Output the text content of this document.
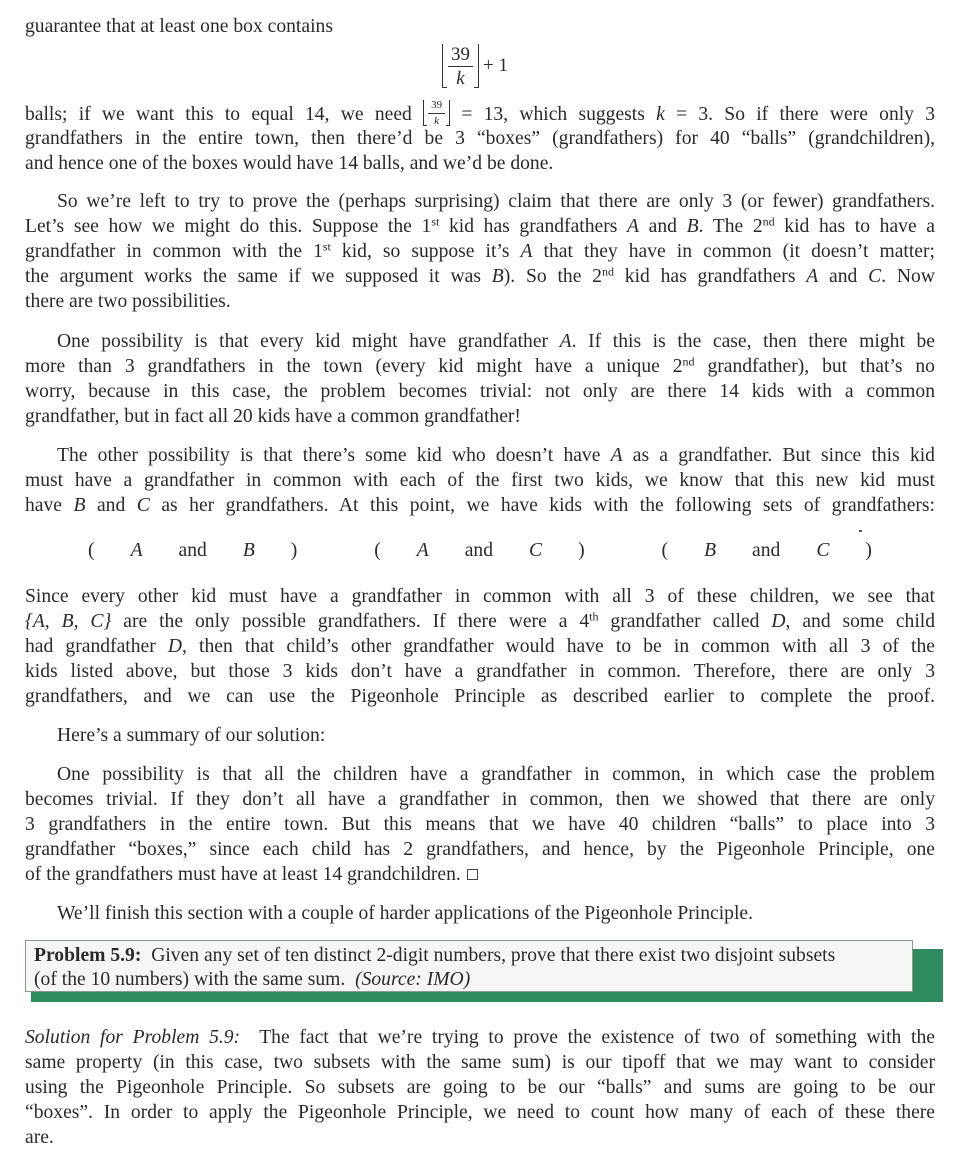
guarantee that at least one box contains
$\frac{39}{k} + 1$
balls; if we want this to equal 14, we need $\frac{39}{k} = 13$, which suggests k = 3. So if there were only 3
grandfathers in the entire town, then there’d be 3 “boxes” (grandfathers) for 40 “balls” (grandchildren),
and hence one of the boxes would have 14 balls, and we’d be done.
So we’re left to try to prove the (perhaps surprising) claim that there are only 3 (or fewer) grandfathers.
Let’s see how we might do this. Suppose the 1st kid has grandfathers A and B. The 2nd kid has to have a
grandfather in common with the 1st kid, so suppose it’s A that they have in common (it doesn’t matter;
the argument works the same if we supposed it was B). So the 2nd kid has grandfathers A and C. Now
there are two possibilities.
One possibility is that every kid might have grandfather A. If this is the case, then there might be
more than 3 grandfathers in the town (every kid might have a unique 2nd grandfather), but that’s no
worry, because in this case, the problem becomes trivial: not only are there 14 kids with a common
grandfather, but in fact all 20 kids have a common grandfather!
The other possibility is that there’s some kid who doesn’t have A as a grandfather. But since this kid
must have a grandfather in common with each of the first two kids, we know that this new kid must
have B and C as her grandfathers. At this point, we have kids with the following sets of grandfathers:
( AandB )	( AandC )	( BandC )
Since every other kid must have a grandfather in common with all 3 of these children, we see that
{A, B, C} are the only possible grandfathers. If there were a 4th grandfather called D, and some child
had grandfather D, then that child’s other grandfather would have to be in common with all 3 of the
kids listed above, but those 3 kids don’t have a grandfather in common. Therefore, there are only 3
grandfathers, and we can use the Pigeonhole Principle as described earlier to complete the proof.
Here’s a summary of our solution:
One possibility is that all the children have a grandfather in common, in which case the problem
becomes trivial. If they don’t all have a grandfather in common, then we showed that there are only
3 grandfathers in the entire town. But this means that we have 40 children “balls” to place into 3
grandfather “boxes,” since each child has 2 grandfathers, and hence, by the Pigeonhole Principle, one
of the grandfathers must have at least 14 grandchildren.
We’ll finish this section with a couple of harder applications of the Pigeonhole Principle.
Problem 5.9: Given any set of ten distinct 2-digit numbers, prove that there exist two disjoint subsets
(of the 10 numbers) with the same sum. (Source: IMO)
Solution for Problem 5.9: The fact that we’re trying to prove the existence of two of something with the
same property (in this case, two subsets with the same sum) is our tipoff that we may want to consider
using the Pigeonhole Principle. So subsets are going to be our “balls” and sums are going to be our
“boxes”. In order to apply the Pigeonhole Principle, we need to count how many of each of these there
are.
